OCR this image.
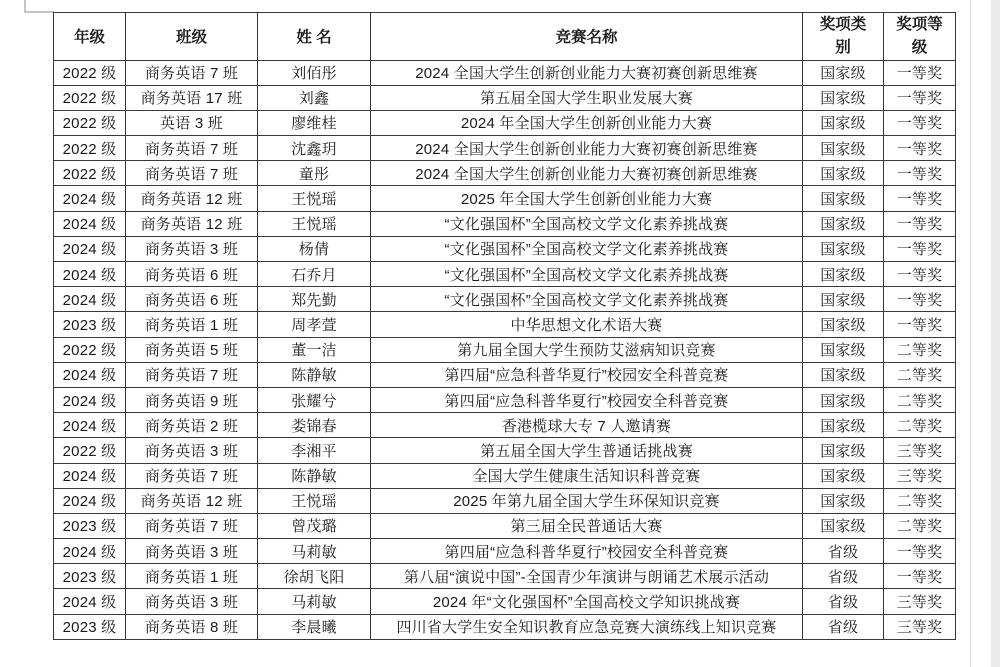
年级	班级	姓 名	竞赛名称	奖项类别	奖项等级
2022 级	商务英语 7 班	刘佰彤	2024 全国大学生创新创业能力大赛初赛创新思维赛	国家级	一等奖
2022 级	商务英语 17 班	刘鑫	第五届全国大学生职业发展大赛	国家级	一等奖
2022 级	英语 3 班	廖维桂	2024 年全国大学生创新创业能力大赛	国家级	一等奖
2022 级	商务英语 7 班	沈鑫玥	2024 全国大学生创新创业能力大赛初赛创新思维赛	国家级	一等奖
2022 级	商务英语 7 班	童彤	2024 全国大学生创新创业能力大赛初赛创新思维赛	国家级	一等奖
2024 级	商务英语 12 班	王悦瑶	2025 年全国大学生创新创业能力大赛	国家级	一等奖
2024 级	商务英语 12 班	王悦瑶	“文化强国杯”全国高校文学文化素养挑战赛	国家级	一等奖
2024 级	商务英语 3 班	杨倩	“文化强国杯”全国高校文学文化素养挑战赛	国家级	一等奖
2024 级	商务英语 6 班	石乔月	“文化强国杯”全国高校文学文化素养挑战赛	国家级	一等奖
2024 级	商务英语 6 班	郑先勤	“文化强国杯”全国高校文学文化素养挑战赛	国家级	一等奖
2023 级	商务英语 1 班	周孝萱	中华思想文化术语大赛	国家级	一等奖
2022 级	商务英语 5 班	董一洁	第九届全国大学生预防艾滋病知识竞赛	国家级	二等奖
2024 级	商务英语 7 班	陈静敏	第四届“应急科普华夏行”校园安全科普竞赛	国家级	二等奖
2024 级	商务英语 9 班	张耀兮	第四届“应急科普华夏行”校园安全科普竞赛	国家级	二等奖
2024 级	商务英语 2 班	娄锦春	香港榄球大专 7 人邀请赛	国家级	二等奖
2022 级	商务英语 3 班	李湘平	第五届全国大学生普通话挑战赛	国家级	三等奖
2024 级	商务英语 7 班	陈静敏	全国大学生健康生活知识科普竞赛	国家级	三等奖
2024 级	商务英语 12 班	王悦瑶	2025 年第九届全国大学生环保知识竞赛	国家级	二等奖
2023 级	商务英语 7 班	曾茂璐	第三届全民普通话大赛	国家级	二等奖
2024 级	商务英语 3 班	马莉敏	第四届“应急科普华夏行”校园安全科普竞赛	省级	一等奖
2023 级	商务英语 1 班	徐胡飞阳	第八届“演说中国”-全国青少年演讲与朗诵艺术展示活动	省级	一等奖
2024 级	商务英语 3 班	马莉敏	2024 年“文化强国杯”全国高校文学知识挑战赛	省级	三等奖
2023 级	商务英语 8 班	李晨曦	四川省大学生安全知识教育应急竞赛大演练线上知识竞赛	省级	三等奖
